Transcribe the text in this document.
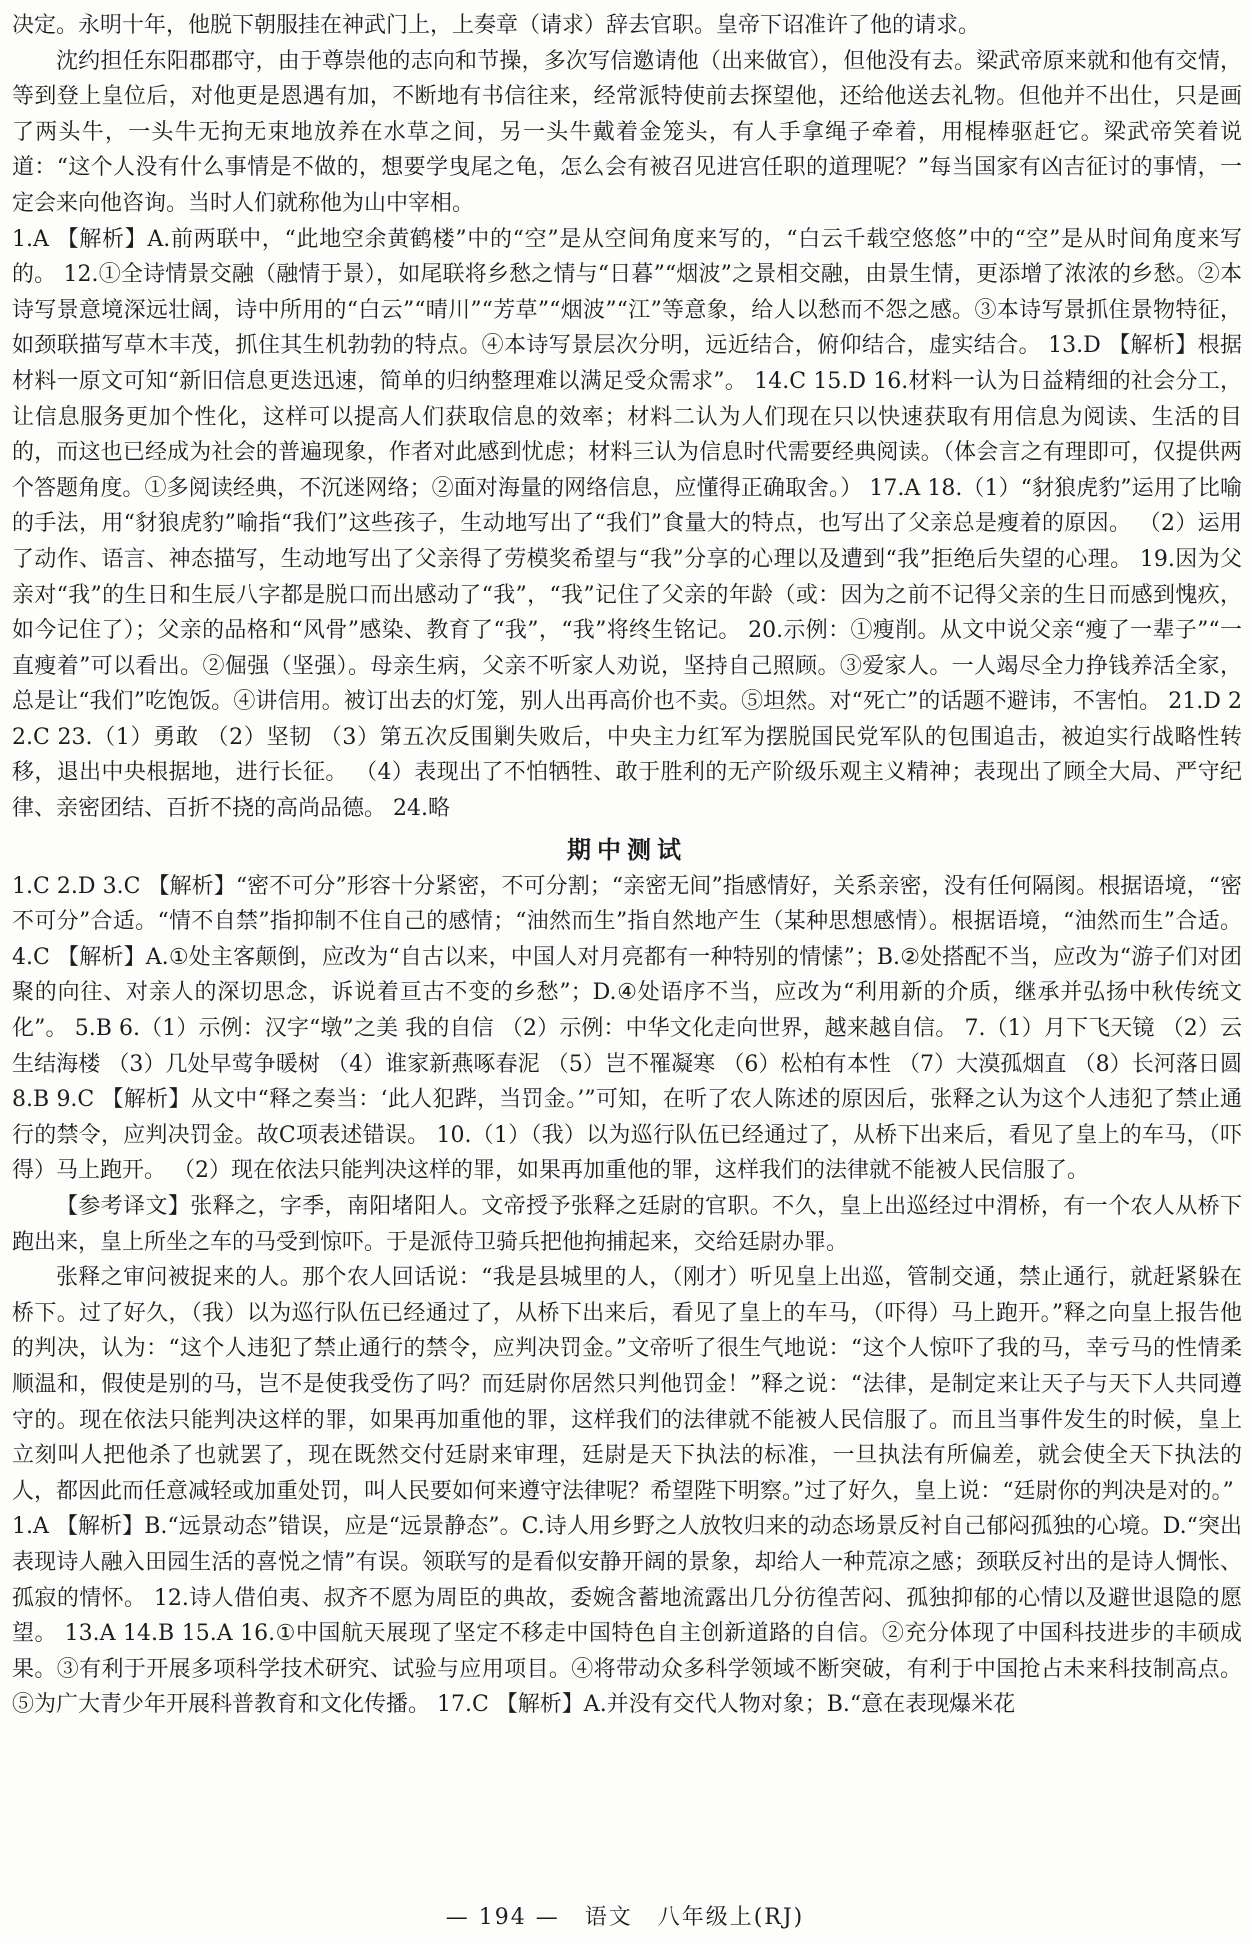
决定。永明十年，他脱下朝服挂在神武门上，上奏章（请求）辞去官职。皇帝下诏准许了他的请求。

沈约担任东阳郡郡守，由于尊崇他的志向和节操，多次写信邀请他（出来做官），但他没有去。梁武帝原来就和他有交情，等到登上皇位后，对他更是恩遇有加，不断地有书信往来，经常派特使前去探望他，还给他送去礼物。但他并不出仕，只是画了两头牛，一头牛无拘无束地放养在水草之间，另一头牛戴着金笼头，有人手拿绳子牵着，用棍棒驱赶它。梁武帝笑着说道：“这个人没有什么事情是不做的，想要学曳尾之龟，怎么会有被召见进宫任职的道理呢？”每当国家有凶吉征讨的事情，一定会来向他咨询。当时人们就称他为山中宰相。

1.A 【解析】A.前两联中，“此地空余黄鹤楼”中的“空”是从空间角度来写的，“白云千载空悠悠”中的“空”是从时间角度来写的。 12.①全诗情景交融（融情于景），如尾联将乡愁之情与“日暮”“烟波”之景相交融，由景生情，更添增了浓浓的乡愁。②本诗写景意境深远壮阔，诗中所用的“白云”“晴川”“芳草”“烟波”“江”等意象，给人以愁而不怨之感。③本诗写景抓住景物特征，如颈联描写草木丰茂，抓住其生机勃勃的特点。④本诗写景层次分明，远近结合，俯仰结合，虚实结合。 13.D 【解析】根据材料一原文可知“新旧信息更迭迅速，简单的归纳整理难以满足受众需求”。 14.C 15.D 16.材料一认为日益精细的社会分工，让信息服务更加个性化，这样可以提高人们获取信息的效率；材料二认为人们现在只以快速获取有用信息为阅读、生活的目的，而这也已经成为社会的普遍现象，作者对此感到忧虑；材料三认为信息时代需要经典阅读。（体会言之有理即可，仅提供两个答题角度。①多阅读经典，不沉迷网络；②面对海量的网络信息，应懂得正确取舍。） 17.A 18.（1）“豺狼虎豹”运用了比喻的手法，用“豺狼虎豹”喻指“我们”这些孩子，生动地写出了“我们”食量大的特点，也写出了父亲总是瘦着的原因。 （2）运用了动作、语言、神态描写，生动地写出了父亲得了劳模奖希望与“我”分享的心理以及遭到“我”拒绝后失望的心理。 19.因为父亲对“我”的生日和生辰八字都是脱口而出感动了“我”，“我”记住了父亲的年龄（或：因为之前不记得父亲的生日而感到愧疚，如今记住了）；父亲的品格和“风骨”感染、教育了“我”，“我”将终生铭记。 20.示例：①瘦削。从文中说父亲“瘦了一辈子”“一直瘦着”可以看出。②倔强（坚强）。母亲生病，父亲不听家人劝说，坚持自己照顾。③爱家人。一人竭尽全力挣钱养活全家，总是让“我们”吃饱饭。④讲信用。被订出去的灯笼，别人出再高价也不卖。⑤坦然。对“死亡”的话题不避讳，不害怕。 21.D 22.C 23.（1）勇敢 （2）坚韧 （3）第五次反围剿失败后，中央主力红军为摆脱国民党军队的包围追击，被迫实行战略性转移，退出中央根据地，进行长征。 （4）表现出了不怕牺牲、敢于胜利的无产阶级乐观主义精神；表现出了顾全大局、严守纪律、亲密团结、百折不挠的高尚品德。 24.略

期中测试

1.C 2.D 3.C 【解析】“密不可分”形容十分紧密，不可分割；“亲密无间”指感情好，关系亲密，没有任何隔阂。根据语境，“密不可分”合适。“情不自禁”指抑制不住自己的感情；“油然而生”指自然地产生（某种思想感情）。根据语境，“油然而生”合适。 4.C 【解析】A.①处主客颠倒，应改为“自古以来，中国人对月亮都有一种特别的情愫”；B.②处搭配不当，应改为“游子们对团聚的向往、对亲人的深切思念，诉说着亘古不变的乡愁”；D.④处语序不当，应改为“利用新的介质，继承并弘扬中秋传统文化”。 5.B 6.（1）示例：汉字“墩”之美 我的自信 （2）示例：中华文化走向世界，越来越自信。 7.（1）月下飞天镜 （2）云生结海楼 （3）几处早莺争暖树 （4）谁家新燕啄春泥 （5）岂不罹凝寒 （6）松柏有本性 （7）大漠孤烟直 （8）长河落日圆 8.B 9.C 【解析】从文中“释之奏当：‘此人犯跸，当罚金。’”可知，在听了农人陈述的原因后，张释之认为这个人违犯了禁止通行的禁令，应判决罚金。故C项表述错误。 10.（1）（我）以为巡行队伍已经通过了，从桥下出来后，看见了皇上的车马，（吓得）马上跑开。 （2）现在依法只能判决这样的罪，如果再加重他的罪，这样我们的法律就不能被人民信服了。

【参考译文】张释之，字季，南阳堵阳人。文帝授予张释之廷尉的官职。不久，皇上出巡经过中渭桥，有一个农人从桥下跑出来，皇上所坐之车的马受到惊吓。于是派侍卫骑兵把他拘捕起来，交给廷尉办罪。

张释之审问被捉来的人。那个农人回话说：“我是县城里的人，（刚才）听见皇上出巡，管制交通，禁止通行，就赶紧躲在桥下。过了好久，（我）以为巡行队伍已经通过了，从桥下出来后，看见了皇上的车马，（吓得）马上跑开。”释之向皇上报告他的判决，认为：“这个人违犯了禁止通行的禁令，应判决罚金。”文帝听了很生气地说：“这个人惊吓了我的马，幸亏马的性情柔顺温和，假使是别的马，岂不是使我受伤了吗？而廷尉你居然只判他罚金！”释之说：“法律，是制定来让天子与天下人共同遵守的。现在依法只能判决这样的罪，如果再加重他的罪，这样我们的法律就不能被人民信服了。而且当事件发生的时候，皇上立刻叫人把他杀了也就罢了，现在既然交付廷尉来审理，廷尉是天下执法的标准，一旦执法有所偏差，就会使全天下执法的人，都因此而任意减轻或加重处罚，叫人民要如何来遵守法律呢？希望陛下明察。”过了好久，皇上说：“廷尉你的判决是对的。”

1.A 【解析】B.“远景动态”错误，应是“远景静态”。C.诗人用乡野之人放牧归来的动态场景反衬自己郁闷孤独的心境。D.“突出表现诗人融入田园生活的喜悦之情”有误。领联写的是看似安静开阔的景象，却给人一种荒凉之感；颈联反衬出的是诗人惆怅、孤寂的情怀。 12.诗人借伯夷、叔齐不愿为周臣的典故，委婉含蓄地流露出几分彷徨苦闷、孤独抑郁的心情以及避世退隐的愿望。 13.A 14.B 15.A 16.①中国航天展现了坚定不移走中国特色自主创新道路的自信。②充分体现了中国科技进步的丰硕成果。③有利于开展多项科学技术研究、试验与应用项目。④将带动众多科学领域不断突破，有利于中国抢占未来科技制高点。⑤为广大青少年开展科普教育和文化传播。 17.C 【解析】A.并没有交代人物对象；B.“意在表现爆米花

— 194 — 语文 八年级上(RJ)
